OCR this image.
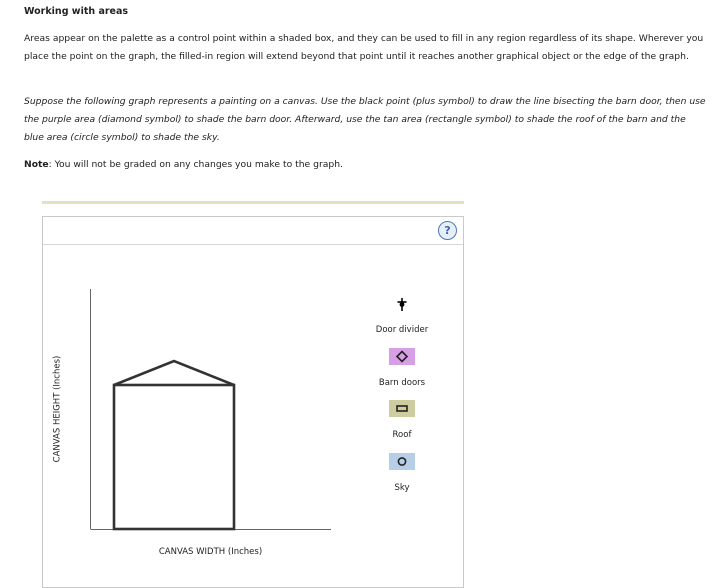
Working with areas
Areas appear on the palette as a control point within a shaded box, and they can be used to fill in any region regardless of its shape. Wherever you place the point on the graph, the filled-in region will extend beyond that point until it reaches another graphical object or the edge of the graph.
Suppose the following graph represents a painting on a canvas. Use the black point (plus symbol) to draw the line bisecting the barn door, then use the purple area (diamond symbol) to shade the barn door. Afterward, use the tan area (rectangle symbol) to shade the roof of the barn and the blue area (circle symbol) to shade the sky.
Note: You will not be graded on any changes you make to the graph.
?
CANVAS HEIGHT (Inches)
CANVAS WIDTH (Inches)
Door divider
Barn doors
Roof
Sky
